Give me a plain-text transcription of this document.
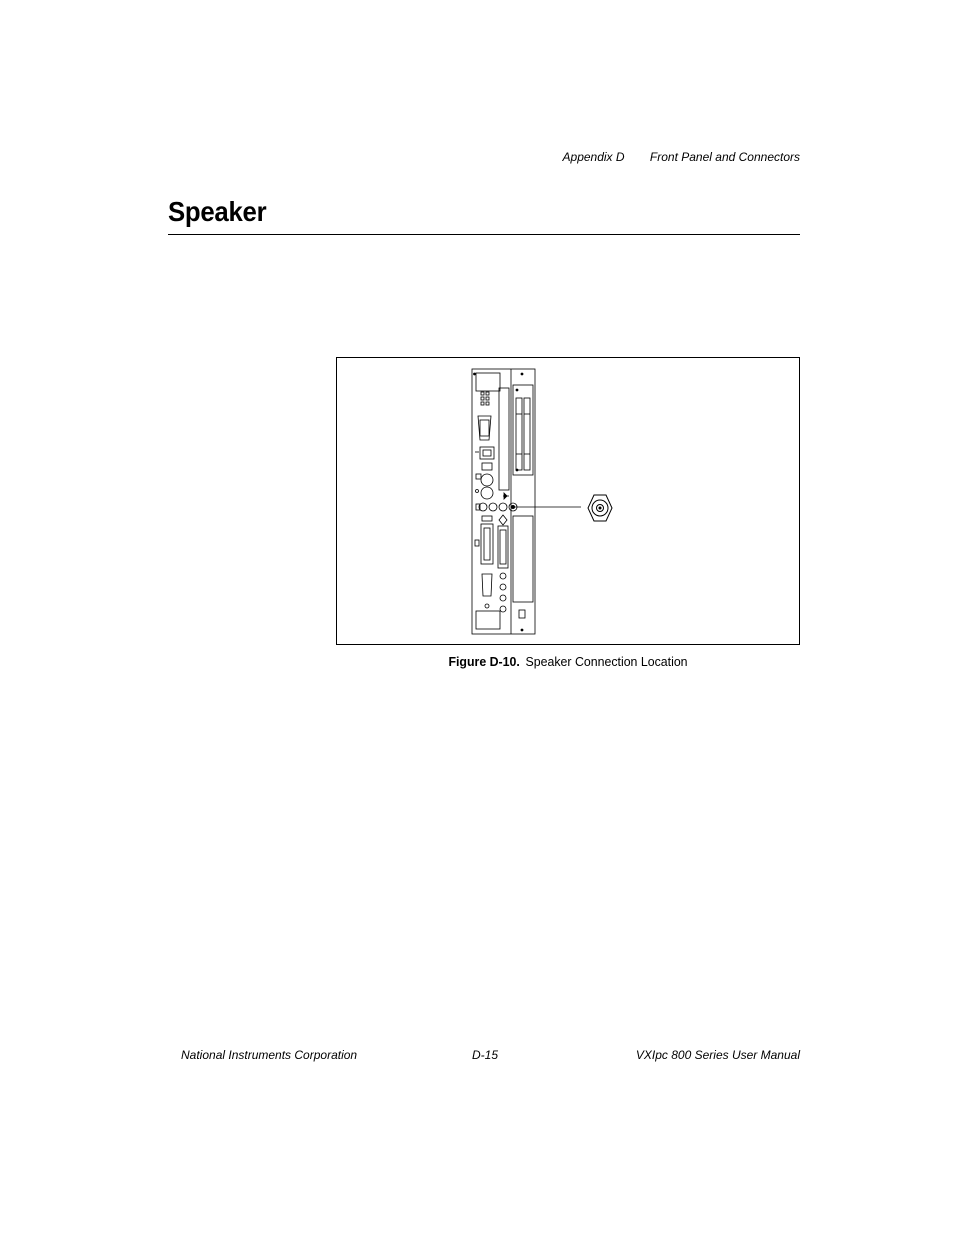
Appendix D Front Panel and Connectors
Speaker
Figure D-10. Speaker Connection Location
National Instruments Corporation	D-15	VXIpc 800 Series User Manual
